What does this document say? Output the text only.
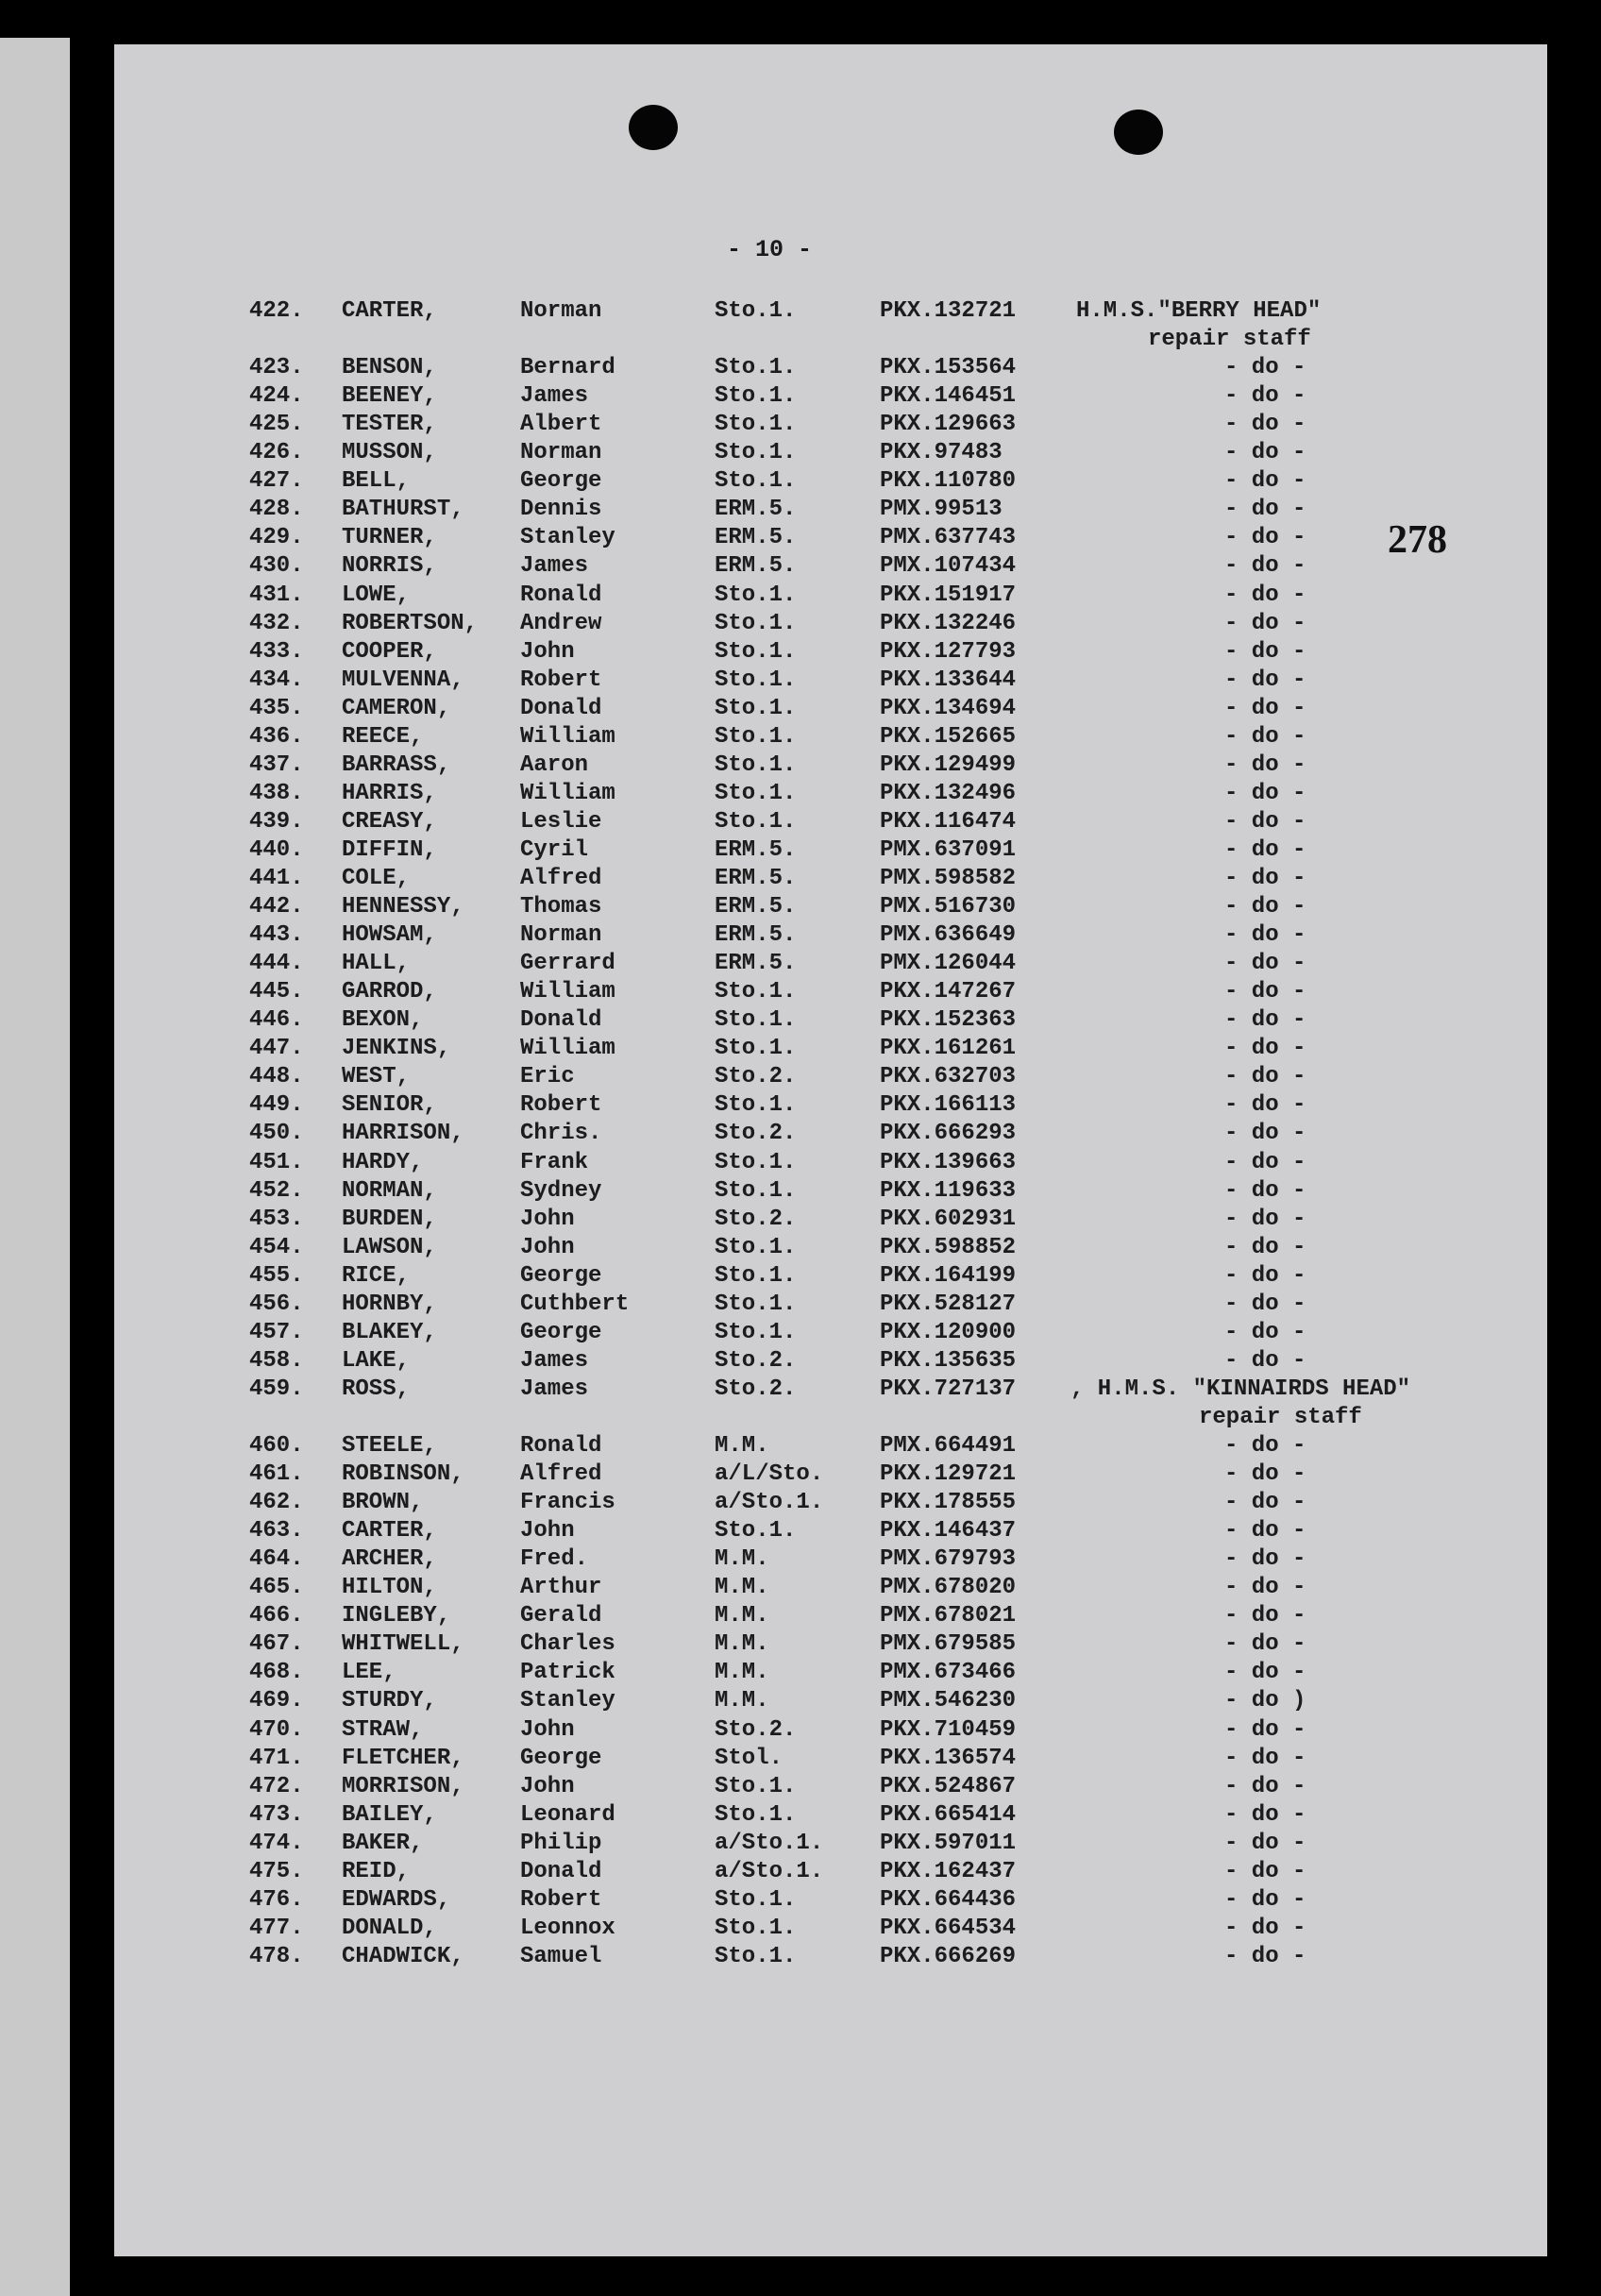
- 10 -
278
422. CARTER,	Norman	Sto.1.	PKX.132721	H.M.S."BERRY HEAD"
repair staff
423. BENSON,	Bernard	Sto.1.	PKX.153564	- do -
424. BEENEY,	James	Sto.1.	PKX.146451	- do -
425. TESTER,	Albert	Sto.1.	PKX.129663	- do -
426. MUSSON,	Norman	Sto.1.	PKX.97483	- do -
427. BELL,	George	Sto.1.	PKX.110780	- do -
428. BATHURST, Dennis	ERM.5.	PMX.99513	- do -
429. TURNER,	Stanley	ERM.5.	PMX.637743	- do -
430. NORRIS,	James	ERM.5.	PMX.107434	- do -
431. LOWE,	Ronald	Sto.1.	PKX.151917	- do -
432. ROBERTSON, Andrew	Sto.1.	PKX.132246	- do -
433. COOPER,	John	Sto.1.	PKX.127793	- do -
434. MULVENNA, Robert	Sto.1.	PKX.133644	- do -
435. CAMERON,	Donald	Sto.1.	PKX.134694	- do -
436. REECE,	William	Sto.1.	PKX.152665	- do -
437. BARRASS,	Aaron	Sto.1.	PKX.129499	- do -
438. HARRIS,	William	Sto.1.	PKX.132496	- do -
439. CREASY,	Leslie	Sto.1.	PKX.116474	- do -
440. DIFFIN,	Cyril	ERM.5.	PMX.637091	- do -
441. COLE,	Alfred	ERM.5.	PMX.598582	- do -
442. HENNESSY, Thomas	ERM.5.	PMX.516730	- do -
443. HOWSAM,	Norman	ERM.5.	PMX.636649	- do -
444. HALL,	Gerrard	ERM.5.	PMX.126044	- do -
445. GARROD,	William	Sto.1.	PKX.147267	- do -
446. BEXON,	Donald	Sto.1.	PKX.152363	- do -
447. JENKINS,	William	Sto.1.	PKX.161261	- do -
448. WEST,	Eric	Sto.2.	PKX.632703	- do -
449. SENIOR,	Robert	Sto.1.	PKX.166113	- do -
450. HARRISON, Chris.	Sto.2.	PKX.666293	- do -
451. HARDY,	Frank	Sto.1.	PKX.139663	- do -
452. NORMAN,	Sydney	Sto.1.	PKX.119633	- do -
453. BURDEN,	John	Sto.2.	PKX.602931	- do -
454. LAWSON,	John	Sto.1.	PKX.598852	- do -
455. RICE,	George	Sto.1.	PKX.164199	- do -
456. HORNBY,	Cuthbert	Sto.1.	PKX.528127	- do -
457. BLAKEY,	George	Sto.1.	PKX.120900	- do -
458. LAKE,	James	Sto.2.	PKX.135635	- do -
459. ROSS,	James	Sto.2.	PKX.727137 , H.M.S. "KINNAIRDS HEAD"
repair staff
460. STEELE,	Ronald	M.M.	PMX.664491	- do -
461. ROBINSON, Alfred	a/L/Sto. PKX.129721	- do -
462. BROWN,	Francis	a/Sto.1. PKX.178555	- do -
463. CARTER,	John	Sto.1.	PKX.146437	- do -
464. ARCHER,	Fred.	M.M.	PMX.679793	- do -
465. HILTON,	Arthur	M.M.	PMX.678020	- do -
466. INGLEBY,	Gerald	M.M.	PMX.678021	- do -
467. WHITWELL, Charles	M.M.	PMX.679585	- do -
468. LEE,	Patrick	M.M.	PMX.673466	- do -
469. STURDY,	Stanley	M.M.	PMX.546230	- do )
470. STRAW,	John	Sto.2.	PKX.710459	- do -
471. FLETCHER, George	Stol.	PKX.136574	- do -
472. MORRISON, John	Sto.1.	PKX.524867	- do -
473. BAILEY,	Leonard	Sto.1.	PKX.665414	- do -
474. BAKER,	Philip	a/Sto.1. PKX.597011	- do -
475. REID,	Donald	a/Sto.1. PKX.162437	- do -
476. EDWARDS,	Robert	Sto.1.	PKX.664436	- do -
477. DONALD,	Leonnox	Sto.1.	PKX.664534	- do -
478. CHADWICK, Samuel	Sto.1.	PKX.666269	- do -
